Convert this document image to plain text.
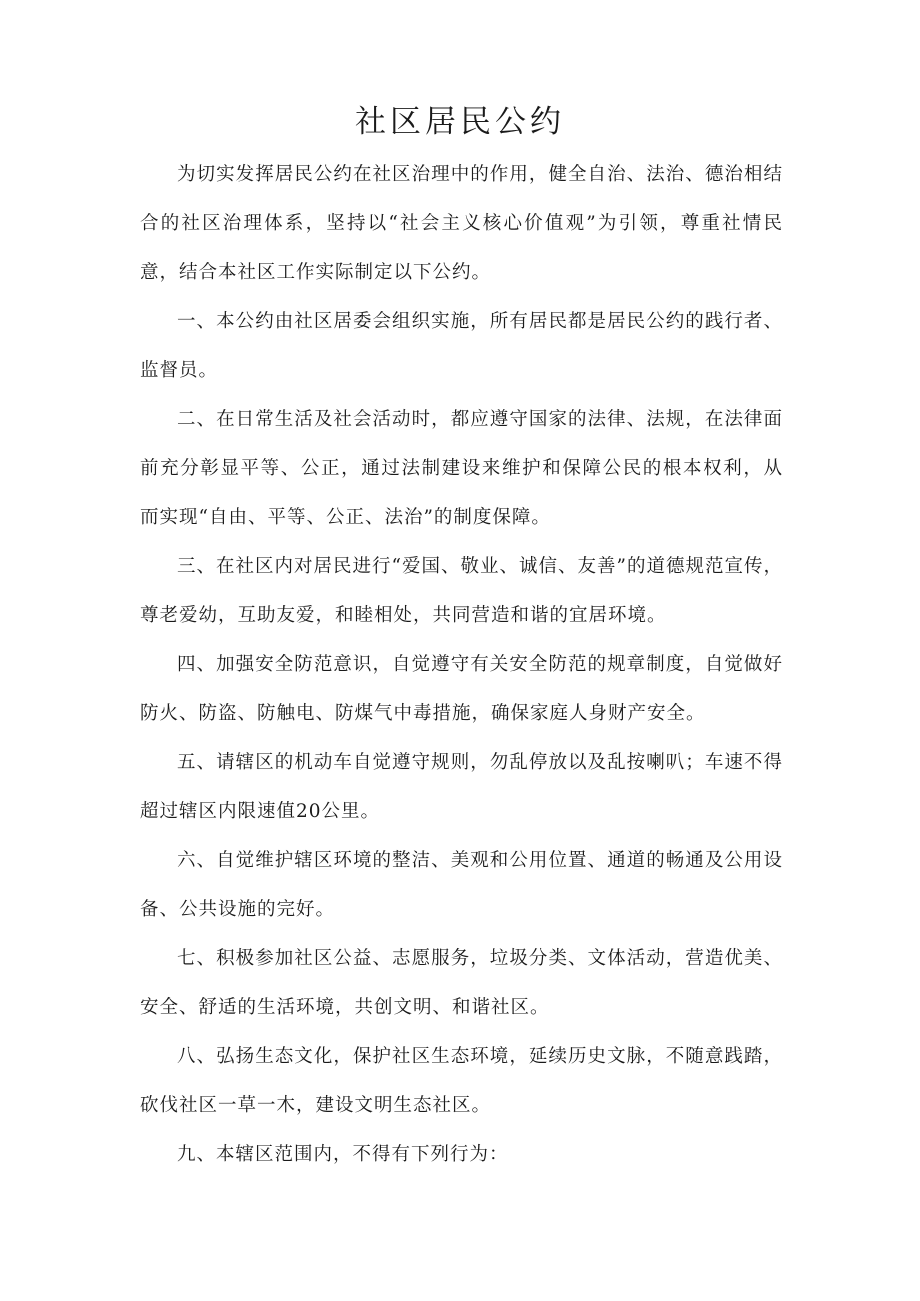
社区居民公约

为切实发挥居民公约在社区治理中的作用，健全自治、法治、德治相结合的社区治理体系，坚持以“社会主义核心价值观”为引领，尊重社情民意，结合本社区工作实际制定以下公约。

一、本公约由社区居委会组织实施，所有居民都是居民公约的践行者、监督员。

二、在日常生活及社会活动时，都应遵守国家的法律、法规，在法律面前充分彰显平等、公正，通过法制建设来维护和保障公民的根本权利，从而实现“自由、平等、公正、法治”的制度保障。

三、在社区内对居民进行“爱国、敬业、诚信、友善”的道德规范宣传，尊老爱幼，互助友爱，和睦相处，共同营造和谐的宜居环境。

四、加强安全防范意识，自觉遵守有关安全防范的规章制度，自觉做好防火、防盗、防触电、防煤气中毒措施，确保家庭人身财产安全。

五、请辖区的机动车自觉遵守规则，勿乱停放以及乱按喇叭；车速不得超过辖区内限速值20公里。

六、自觉维护辖区环境的整洁、美观和公用位置、通道的畅通及公用设备、公共设施的完好。

七、积极参加社区公益、志愿服务，垃圾分类、文体活动，营造优美、安全、舒适的生活环境，共创文明、和谐社区。

八、弘扬生态文化，保护社区生态环境，延续历史文脉，不随意践踏，砍伐社区一草一木，建设文明生态社区。

九、本辖区范围内，不得有下列行为：
